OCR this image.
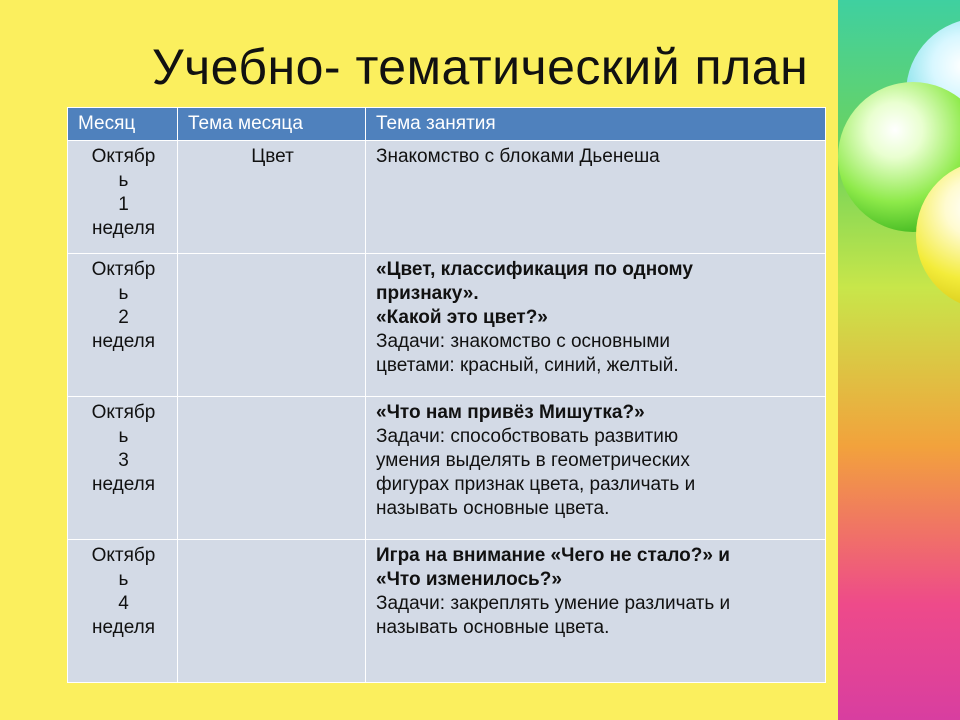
Учебно- тематический план
Месяц	Тема месяца	Тема занятия

Октябр
ь
1
неделя	Цвет	Знакомство с блоками Дьенеша

Октябр
ь
2
неделя		«Цвет, классификация по одному
признаку».
«Какой это цвет?»
Задачи: знакомство с основными
цветами: красный, синий, желтый.

Октябр
ь
3
неделя		«Что нам привёз Мишутка?»
Задачи: способствовать развитию
умения выделять в геометрических
фигурах признак цвета, различать и
называть основные цвета.

Октябр
ь
4
неделя		Игра на внимание «Чего не стало?» и
«Что изменилось?»
Задачи: закреплять умение различать и
называть основные цвета.
